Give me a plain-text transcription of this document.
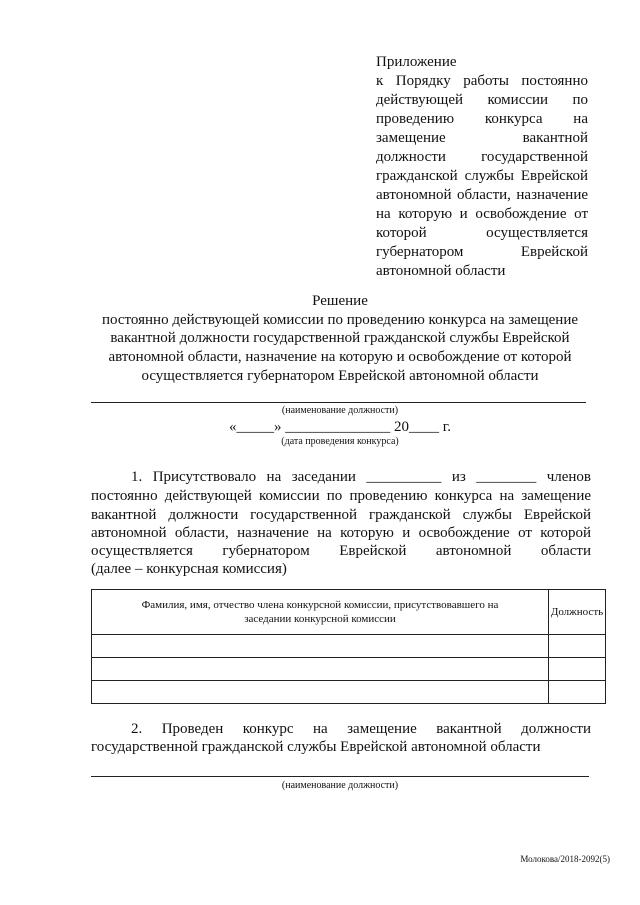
Приложение
к Порядку работы постоянно
действующей комиссии по
проведению конкурса на
замещение вакантной
должности государственной
гражданской службы Еврейской
автономной области, назначение
на которую и освобождение от
которой осуществляется
губернатором Еврейской
автономной области
Решение
постоянно действующей комиссии по проведению конкурса на замещение
вакантной должности государственной гражданской службы Еврейской
автономной области, назначение на которую и освобождение от которой
осуществляется губернатором Еврейской автономной области
(наименование должности)
«_____» ______________ 20____ г.
(дата проведения конкурса)
1. Присутствовало на заседании __________ из ________ членов
постоянно действующей комиссии по проведению конкурса на замещение
вакантной должности государственной гражданской службы Еврейской
автономной области, назначение на которую и освобождение от которой
осуществляется губернатором Еврейской автономной области
(далее – конкурсная комиссия)
Фамилия, имя, отчество члена конкурсной комиссии, присутствовавшего на заседании конкурсной комиссии	Должность

2. Проведен конкурс на замещение вакантной должности
государственной гражданской службы Еврейской автономной области
(наименование должности)
Молокова/2018-2092(5)
